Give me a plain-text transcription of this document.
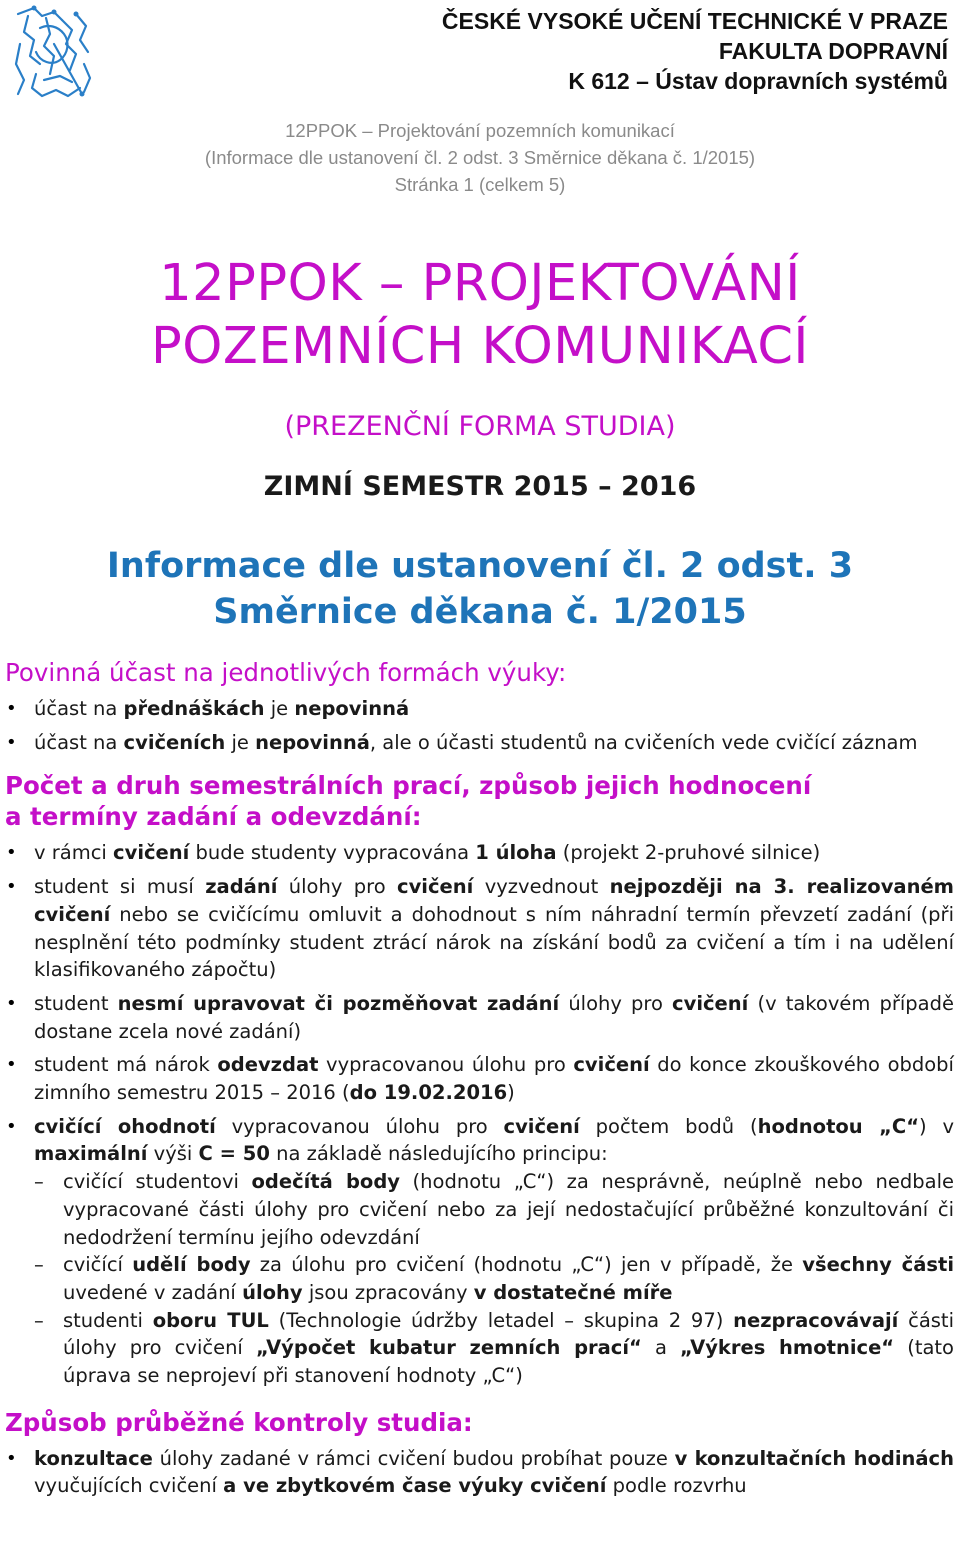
ČESKÉ VYSOKÉ UČENÍ TECHNICKÉ V PRAZE
FAKULTA DOPRAVNÍ
K 612 – Ústav dopravních systémů
12PPOK – Projektování pozemních komunikací
(Informace dle ustanovení čl. 2 odst. 3 Směrnice děkana č. 1/2015)
Stránka 1 (celkem 5)
12PPOK – PROJEKTOVÁNÍ
POZEMNÍCH KOMUNIKACÍ
(PREZENČNÍ FORMA STUDIA)
ZIMNÍ SEMESTR 2015 – 2016
Informace dle ustanovení čl. 2 odst. 3
Směrnice děkana č. 1/2015
Povinná účast na jednotlivých formách výuky:
• účast na přednáškách je nepovinná
• účast na cvičeních je nepovinná, ale o účasti studentů na cvičeních vede cvičící záznam
Počet a druh semestrálních prací, způsob jejich hodnocení
a termíny zadání a odevzdání:
• v rámci cvičení bude studenty vypracována 1 úloha (projekt 2-pruhové silnice)
• student si musí zadání úlohy pro cvičení vyzvednout nejpozději na 3. realizovaném cvičení nebo se cvičícímu omluvit a dohodnout s ním náhradní termín převzetí zadání (při nesplnění této podmínky student ztrácí nárok na získání bodů za cvičení a tím i na udělení klasifikovaného zápočtu)
• student nesmí upravovat či pozměňovat zadání úlohy pro cvičení (v takovém případě dostane zcela nové zadání)
• student má nárok odevzdat vypracovanou úlohu pro cvičení do konce zkouškového období zimního semestru 2015 – 2016 (do 19.02.2016)
• cvičící ohodnotí vypracovanou úlohu pro cvičení počtem bodů (hodnotou „C“) v maximální výši C = 50 na základě následujícího principu:
– cvičící studentovi odečítá body (hodnotu „C“) za nesprávně, neúplně nebo nedbale vypracované části úlohy pro cvičení nebo za její nedostačující průběžné konzultování či nedodržení termínu jejího odevzdání
– cvičící udělí body za úlohu pro cvičení (hodnotu „C“) jen v případě, že všechny části uvedené v zadání úlohy jsou zpracovány v dostatečné míře
– studenti oboru TUL (Technologie údržby letadel – skupina 2 97) nezpracovávají části úlohy pro cvičení „Výpočet kubatur zemních prací“ a „Výkres hmotnice“ (tato úprava se neprojeví při stanovení hodnoty „C“)
Způsob průběžné kontroly studia:
• konzultace úlohy zadané v rámci cvičení budou probíhat pouze v konzultačních hodinách vyučujících cvičení a ve zbytkovém čase výuky cvičení podle rozvrhu
